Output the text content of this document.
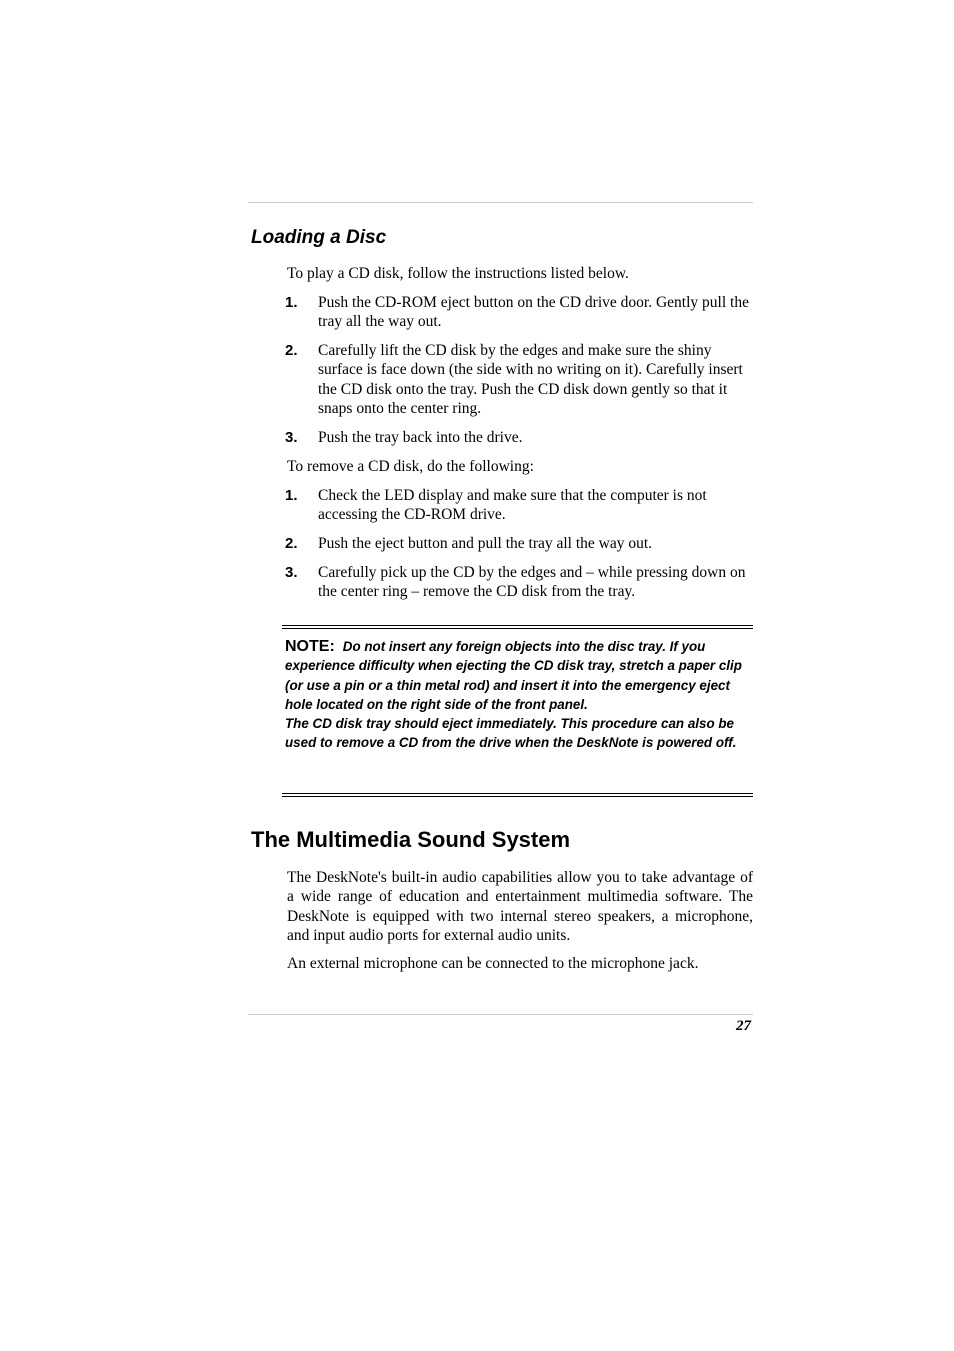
Loading a Disc

To play a CD disk, follow the instructions listed below.

1. Push the CD-ROM eject button on the CD drive door. Gently pull the tray all the way out.
2. Carefully lift the CD disk by the edges and make sure the shiny surface is face down (the side with no writing on it). Carefully insert the CD disk onto the tray. Push the CD disk down gently so that it snaps onto the center ring.
3. Push the tray back into the drive.

To remove a CD disk, do the following:

1. Check the LED display and make sure that the computer is not accessing the CD-ROM drive.
2. Push the eject button and pull the tray all the way out.
3. Carefully pick up the CD by the edges and – while pressing down on the center ring – remove the CD disk from the tray.

NOTE: Do not insert any foreign objects into the disc tray. If you experience difficulty when ejecting the CD disk tray, stretch a paper clip (or use a pin or a thin metal rod) and insert it into the emergency eject hole located on the right side of the front panel.

The CD disk tray should eject immediately. This procedure can also be used to remove a CD from the drive when the DeskNote is powered off.

The Multimedia Sound System

The DeskNote's built-in audio capabilities allow you to take advantage of a wide range of education and entertainment multimedia software. The DeskNote is equipped with two internal stereo speakers, a microphone, and input audio ports for external audio units.

An external microphone can be connected to the microphone jack.

27
